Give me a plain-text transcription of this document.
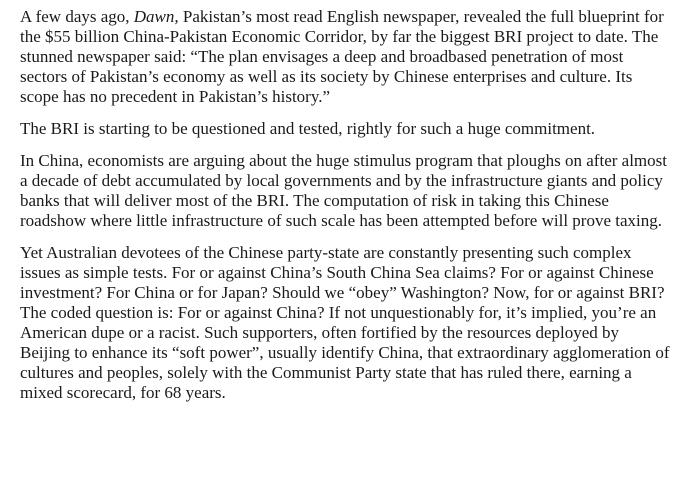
A few days ago, Dawn, Pakistan’s most read English newspaper, revealed the full blueprint for the $55 billion China-Pakistan Economic Corridor, by far the biggest BRI project to date. The stunned newspaper said: “The plan envisages a deep and broadbased penetration of most sectors of Pakistan’s economy as well as its society by Chinese enterprises and culture. Its scope has no precedent in Pakistan’s history.”

The BRI is starting to be questioned and tested, rightly for such a huge commitment.

In China, economists are arguing about the huge stimulus program that ploughs on after almost a decade of debt accumulated by local governments and by the infrastructure giants and policy banks that will deliver most of the BRI. The computation of risk in taking this Chinese roadshow where little infrastructure of such scale has been attempted before will prove taxing.

Yet Australian devotees of the Chinese party-state are constantly presenting such complex issues as simple tests. For or against China’s South China Sea claims? For or against Chinese investment? For China or for Japan? Should we “obey” Washington? Now, for or against BRI? The coded question is: For or against China? If not unquestionably for, it’s implied, you’re an American dupe or a racist. Such supporters, often fortified by the resources deployed by Beijing to enhance its “soft power”, usually identify China, that extraordinary agglomeration of cultures and peoples, solely with the Communist Party state that has ruled there, earning a mixed scorecard, for 68 years.
